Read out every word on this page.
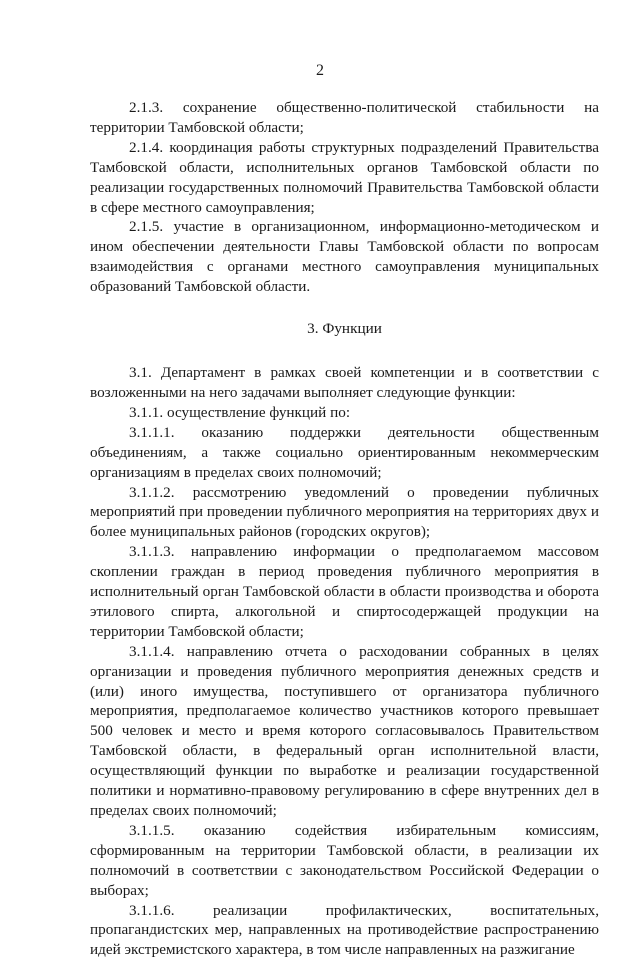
2

2.1.3. сохранение общественно-политической стабильности на территории Тамбовской области;

2.1.4. координация работы структурных подразделений Правительства Тамбовской области, исполнительных органов Тамбовской области по реализации государственных полномочий Правительства Тамбовской области в сфере местного самоуправления;

2.1.5. участие в организационном, информационно-методическом и ином обеспечении деятельности Главы Тамбовской области по вопросам взаимодействия с органами местного самоуправления муниципальных образований Тамбовской области.

3. Функции

3.1. Департамент в рамках своей компетенции и в соответствии с возложенными на него задачами выполняет следующие функции:

3.1.1. осуществление функций по:

3.1.1.1. оказанию поддержки деятельности общественным объединениям, а также социально ориентированным некоммерческим организациям в пределах своих полномочий;

3.1.1.2. рассмотрению уведомлений о проведении публичных мероприятий при проведении публичного мероприятия на территориях двух и более муниципальных районов (городских округов);

3.1.1.3. направлению информации о предполагаемом массовом скоплении граждан в период проведения публичного мероприятия в исполнительный орган Тамбовской области в области производства и оборота этилового спирта, алкогольной и спиртосодержащей продукции на территории Тамбовской области;

3.1.1.4. направлению отчета о расходовании собранных в целях организации и проведения публичного мероприятия денежных средств и (или) иного имущества, поступившего от организатора публичного мероприятия, предполагаемое количество участников которого превышает 500 человек и место и время которого согласовывалось Правительством Тамбовской области, в федеральный орган исполнительной власти, осуществляющий функции по выработке и реализации государственной политики и нормативно-правовому регулированию в сфере внутренних дел в пределах своих полномочий;

3.1.1.5. оказанию содействия избирательным комиссиям, сформированным на территории Тамбовской области, в реализации их полномочий в соответствии с законодательством Российской Федерации о выборах;

3.1.1.6. реализации профилактических, воспитательных, пропагандистских мер, направленных на противодействие распространению идей экстремистского характера, в том числе направленных на разжигание
